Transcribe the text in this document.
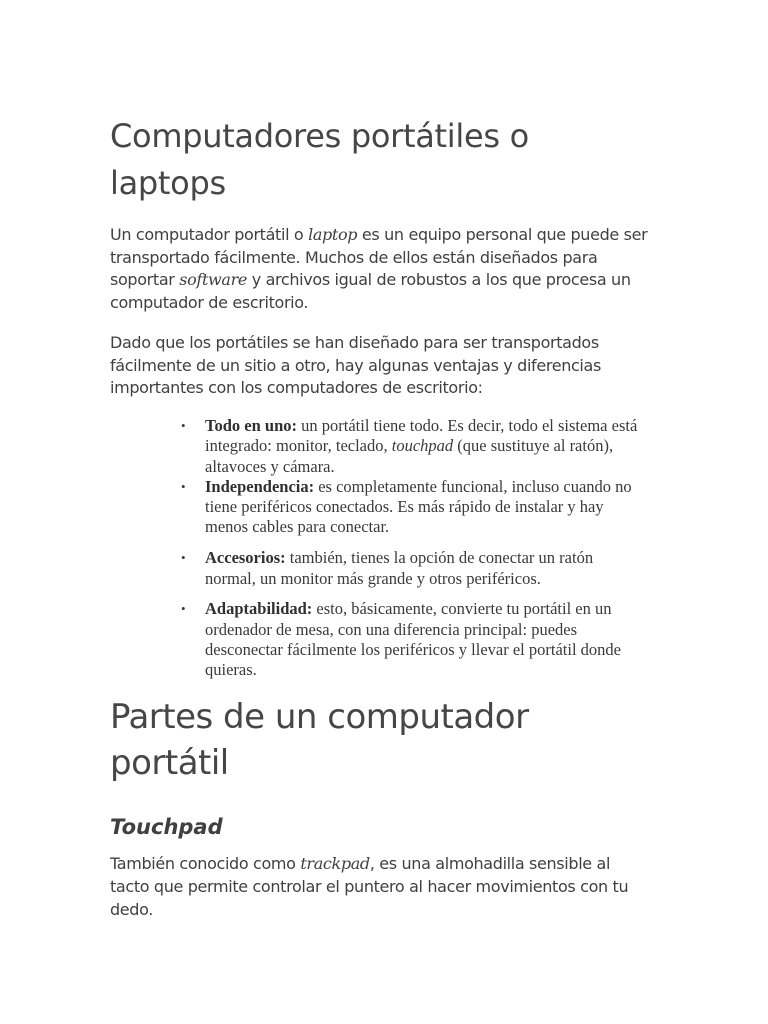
Computadores portátiles o laptops

Un computador portátil o laptop es un equipo personal que puede ser transportado fácilmente. Muchos de ellos están diseñados para soportar software y archivos igual de robustos a los que procesa un computador de escritorio.

Dado que los portátiles se han diseñado para ser transportados fácilmente de un sitio a otro, hay algunas ventajas y diferencias importantes con los computadores de escritorio:

• Todo en uno: un portátil tiene todo. Es decir, todo el sistema está integrado: monitor, teclado, touchpad (que sustituye al ratón), altavoces y cámara.
• Independencia: es completamente funcional, incluso cuando no tiene periféricos conectados. Es más rápido de instalar y hay menos cables para conectar.
• Accesorios: también, tienes la opción de conectar un ratón normal, un monitor más grande y otros periféricos.
• Adaptabilidad: esto, básicamente, convierte tu portátil en un ordenador de mesa, con una diferencia principal: puedes desconectar fácilmente los periféricos y llevar el portátil donde quieras.
Partes de un computador portátil
Touchpad

También conocido como trackpad, es una almohadilla sensible al tacto que permite controlar el puntero al hacer movimientos con tu dedo.
